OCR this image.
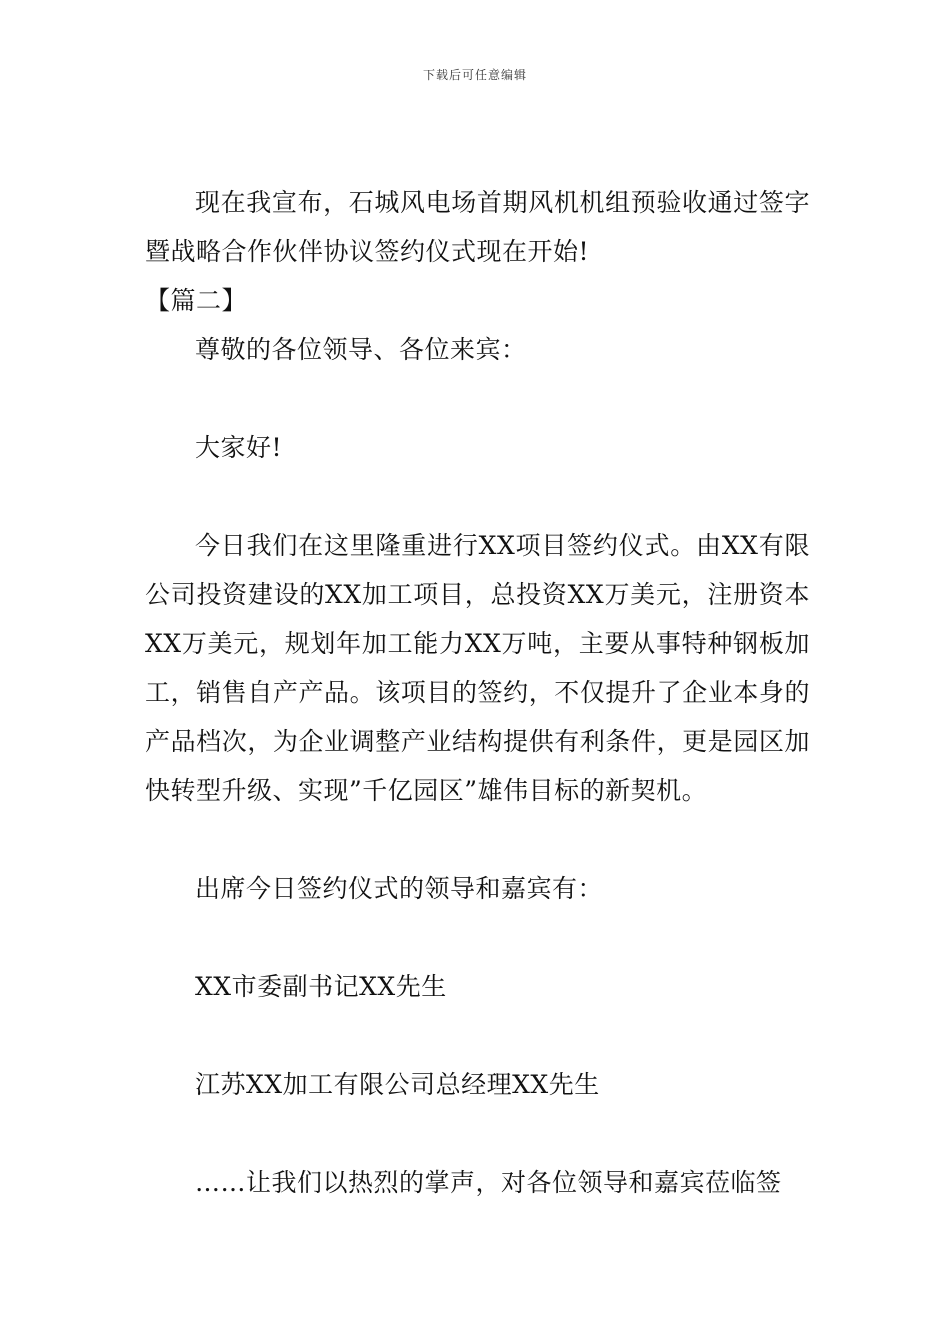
下载后可任意编辑

现在我宣布，石城风电场首期风机机组预验收通过签字暨战略合作伙伴协议签约仪式现在开始!

【篇二】

尊敬的各位领导、各位来宾：

大家好!

今日我们在这里隆重进行XX项目签约仪式。由XX有限公司投资建设的XX加工项目，总投资XX万美元，注册资本XX万美元，规划年加工能力XX万吨，主要从事特种钢板加工，销售自产产品。该项目的签约，不仅提升了企业本身的产品档次，为企业调整产业结构提供有利条件，更是园区加快转型升级、实现”千亿园区”雄伟目标的新契机。

出席今日签约仪式的领导和嘉宾有：

XX市委副书记XX先生

江苏XX加工有限公司总经理XX先生

……让我们以热烈的掌声，对各位领导和嘉宾莅临签
